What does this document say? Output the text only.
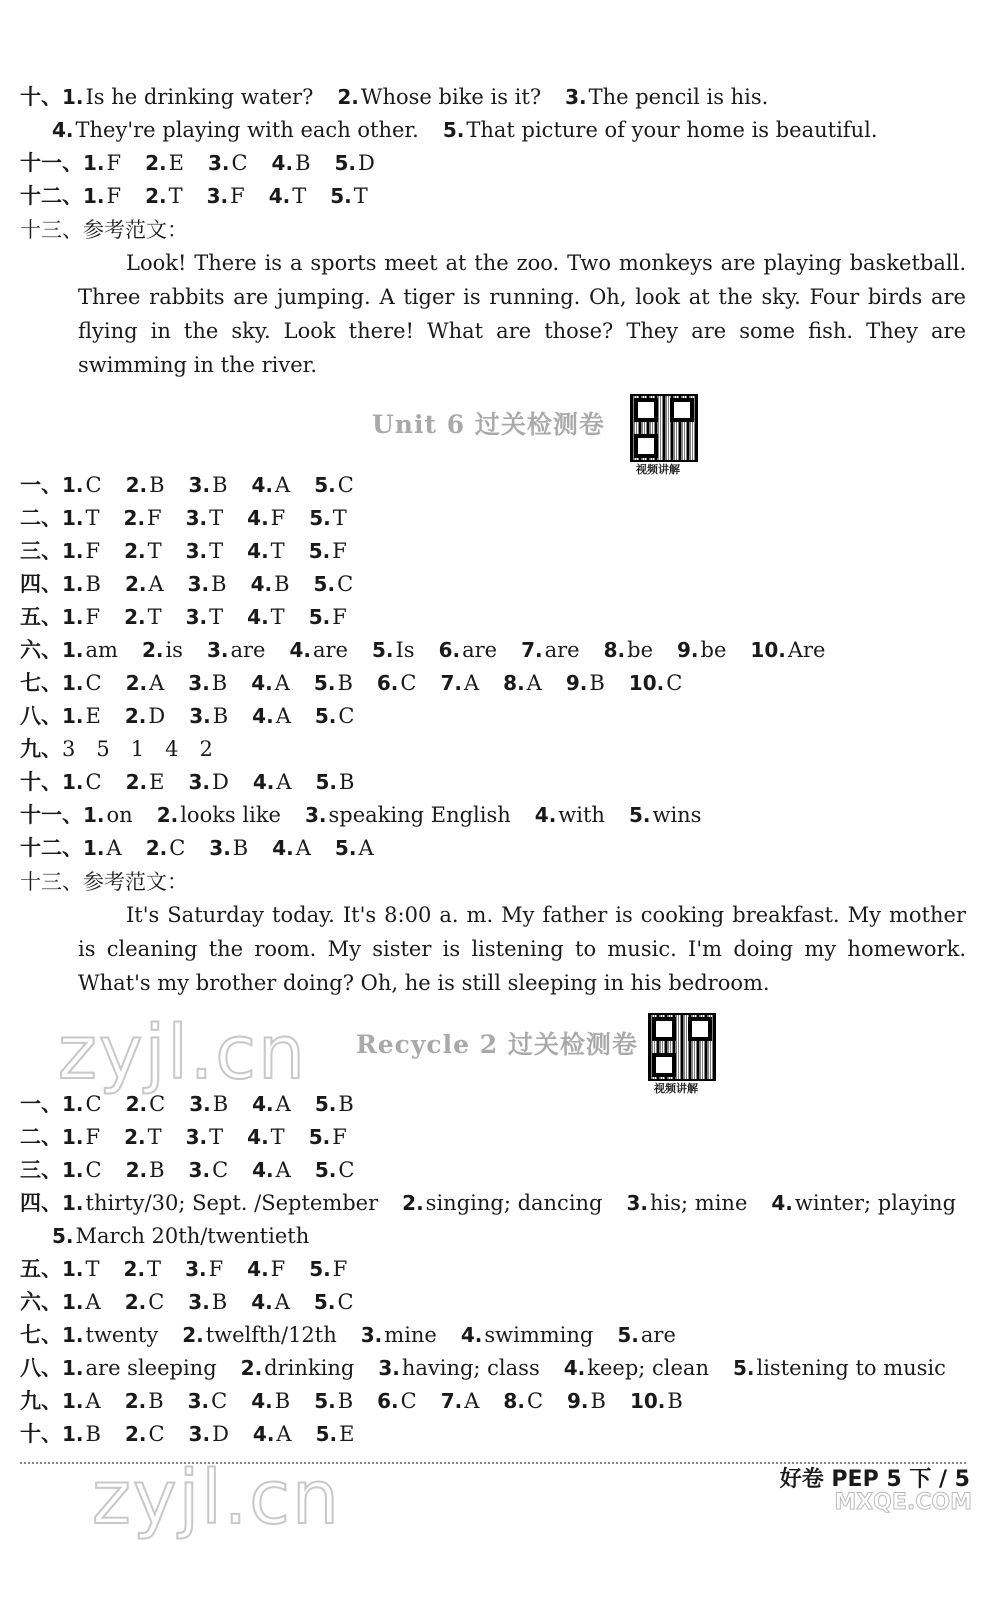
十、1.Is he drinking water? 2.Whose bike is it? 3.The pencil is his.
4.They're playing with each other. 5.That picture of your home is beautiful.
十一、1.F 2.E 3.C 4.B 5.D
十二、1.F 2.T 3.F 4.T 5.T
十三、参考范文：
Look! There is a sports meet at the zoo. Two monkeys are playing basketball. Three rabbits are jumping. A tiger is running. Oh, look at the sky. Four birds are flying in the sky. Look there! What are those? They are some fish. They are swimming in the river.
Unit 6 过关检测卷
视频讲解
一、1.C 2.B 3.B 4.A 5.C
二、1.T 2.F 3.T 4.F 5.T
三、1.F 2.T 3.T 4.T 5.F
四、1.B 2.A 3.B 4.B 5.C
五、1.F 2.T 3.T 4.T 5.F
六、1.am 2.is 3.are 4.are 5.Is 6.are 7.are 8.be 9.be 10.Are
七、1.C 2.A 3.B 4.A 5.B 6.C 7.A 8.A 9.B 10.C
八、1.E 2.D 3.B 4.A 5.C
九、3　5　1　4　2
十、1.C 2.E 3.D 4.A 5.B
十一、1.on 2.looks like 3.speaking English 4.with 5.wins
十二、1.A 2.C 3.B 4.A 5.A
十三、参考范文：
It's Saturday today. It's 8:00 a. m. My father is cooking breakfast. My mother is cleaning the room. My sister is listening to music. I'm doing my homework. What's my brother doing? Oh, he is still sleeping in his bedroom.
zyjl.cn Recycle 2 过关检测卷
视频讲解
一、1.C 2.C 3.B 4.A 5.B
二、1.F 2.T 3.T 4.T 5.F
三、1.C 2.B 3.C 4.A 5.C
四、1.thirty/30; Sept. /September 2.singing; dancing 3.his; mine 4.winter; playing
5.March 20th/twentieth
五、1.T 2.T 3.F 4.F 5.F
六、1.A 2.C 3.B 4.A 5.C
七、1.twenty 2.twelfth/12th 3.mine 4.swimming 5.are
八、1.are sleeping 2.drinking 3.having; class 4.keep; clean 5.listening to music
九、1.A 2.B 3.C 4.B 5.B 6.C 7.A 8.C 9.B 10.B
十、1.B 2.C 3.D 4.A 5.E
zyjl.cn	好卷 PEP 5 下 / 5
MXQE.COM
